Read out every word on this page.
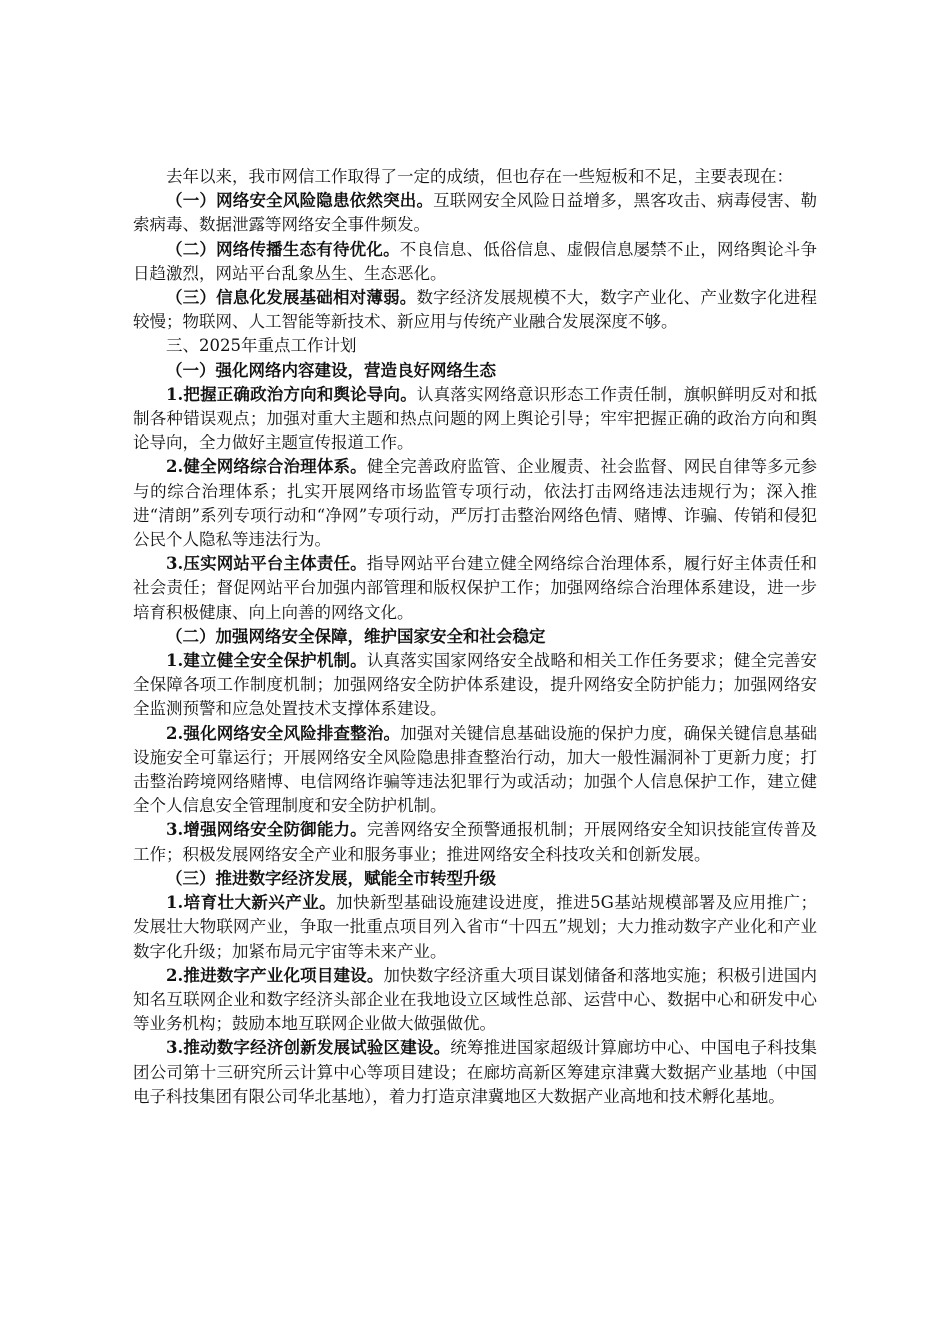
去年以来，我市网信工作取得了一定的成绩，但也存在一些短板和不足，主要表现在：

（一）网络安全风险隐患依然突出。互联网安全风险日益增多，黑客攻击、病毒侵害、勒索病毒、数据泄露等网络安全事件频发。

（二）网络传播生态有待优化。不良信息、低俗信息、虚假信息屡禁不止，网络舆论斗争日趋激烈，网站平台乱象丛生、生态恶化。

（三）信息化发展基础相对薄弱。数字经济发展规模不大，数字产业化、产业数字化进程较慢；物联网、人工智能等新技术、新应用与传统产业融合发展深度不够。

三、2025年重点工作计划

（一）强化网络内容建设，营造良好网络生态

1.把握正确政治方向和舆论导向。认真落实网络意识形态工作责任制，旗帜鲜明反对和抵制各种错误观点；加强对重大主题和热点问题的网上舆论引导；牢牢把握正确的政治方向和舆论导向，全力做好主题宣传报道工作。

2.健全网络综合治理体系。健全完善政府监管、企业履责、社会监督、网民自律等多元参与的综合治理体系；扎实开展网络市场监管专项行动，依法打击网络违法违规行为；深入推进“清朗”系列专项行动和“净网”专项行动，严厉打击整治网络色情、赌博、诈骗、传销和侵犯公民个人隐私等违法行为。

3.压实网站平台主体责任。指导网站平台建立健全网络综合治理体系，履行好主体责任和社会责任；督促网站平台加强内部管理和版权保护工作；加强网络综合治理体系建设，进一步培育积极健康、向上向善的网络文化。

（二）加强网络安全保障，维护国家安全和社会稳定

1.建立健全安全保护机制。认真落实国家网络安全战略和相关工作任务要求；健全完善安全保障各项工作制度机制；加强网络安全防护体系建设，提升网络安全防护能力；加强网络安全监测预警和应急处置技术支撑体系建设。

2.强化网络安全风险排查整治。加强对关键信息基础设施的保护力度，确保关键信息基础设施安全可靠运行；开展网络安全风险隐患排查整治行动，加大一般性漏洞补丁更新力度；打击整治跨境网络赌博、电信网络诈骗等违法犯罪行为或活动；加强个人信息保护工作，建立健全个人信息安全管理制度和安全防护机制。

3.增强网络安全防御能力。完善网络安全预警通报机制；开展网络安全知识技能宣传普及工作；积极发展网络安全产业和服务事业；推进网络安全科技攻关和创新发展。

（三）推进数字经济发展，赋能全市转型升级

1.培育壮大新兴产业。加快新型基础设施建设进度，推进5G基站规模部署及应用推广；发展壮大物联网产业，争取一批重点项目列入省市“十四五”规划；大力推动数字产业化和产业数字化升级；加紧布局元宇宙等未来产业。

2.推进数字产业化项目建设。加快数字经济重大项目谋划储备和落地实施；积极引进国内知名互联网企业和数字经济头部企业在我地设立区域性总部、运营中心、数据中心和研发中心等业务机构；鼓励本地互联网企业做大做强做优。

3.推动数字经济创新发展试验区建设。统筹推进国家超级计算廊坊中心、中国电子科技集团公司第十三研究所云计算中心等项目建设；在廊坊高新区筹建京津冀大数据产业基地（中国电子科技集团有限公司华北基地），着力打造京津冀地区大数据产业高地和技术孵化基地。
